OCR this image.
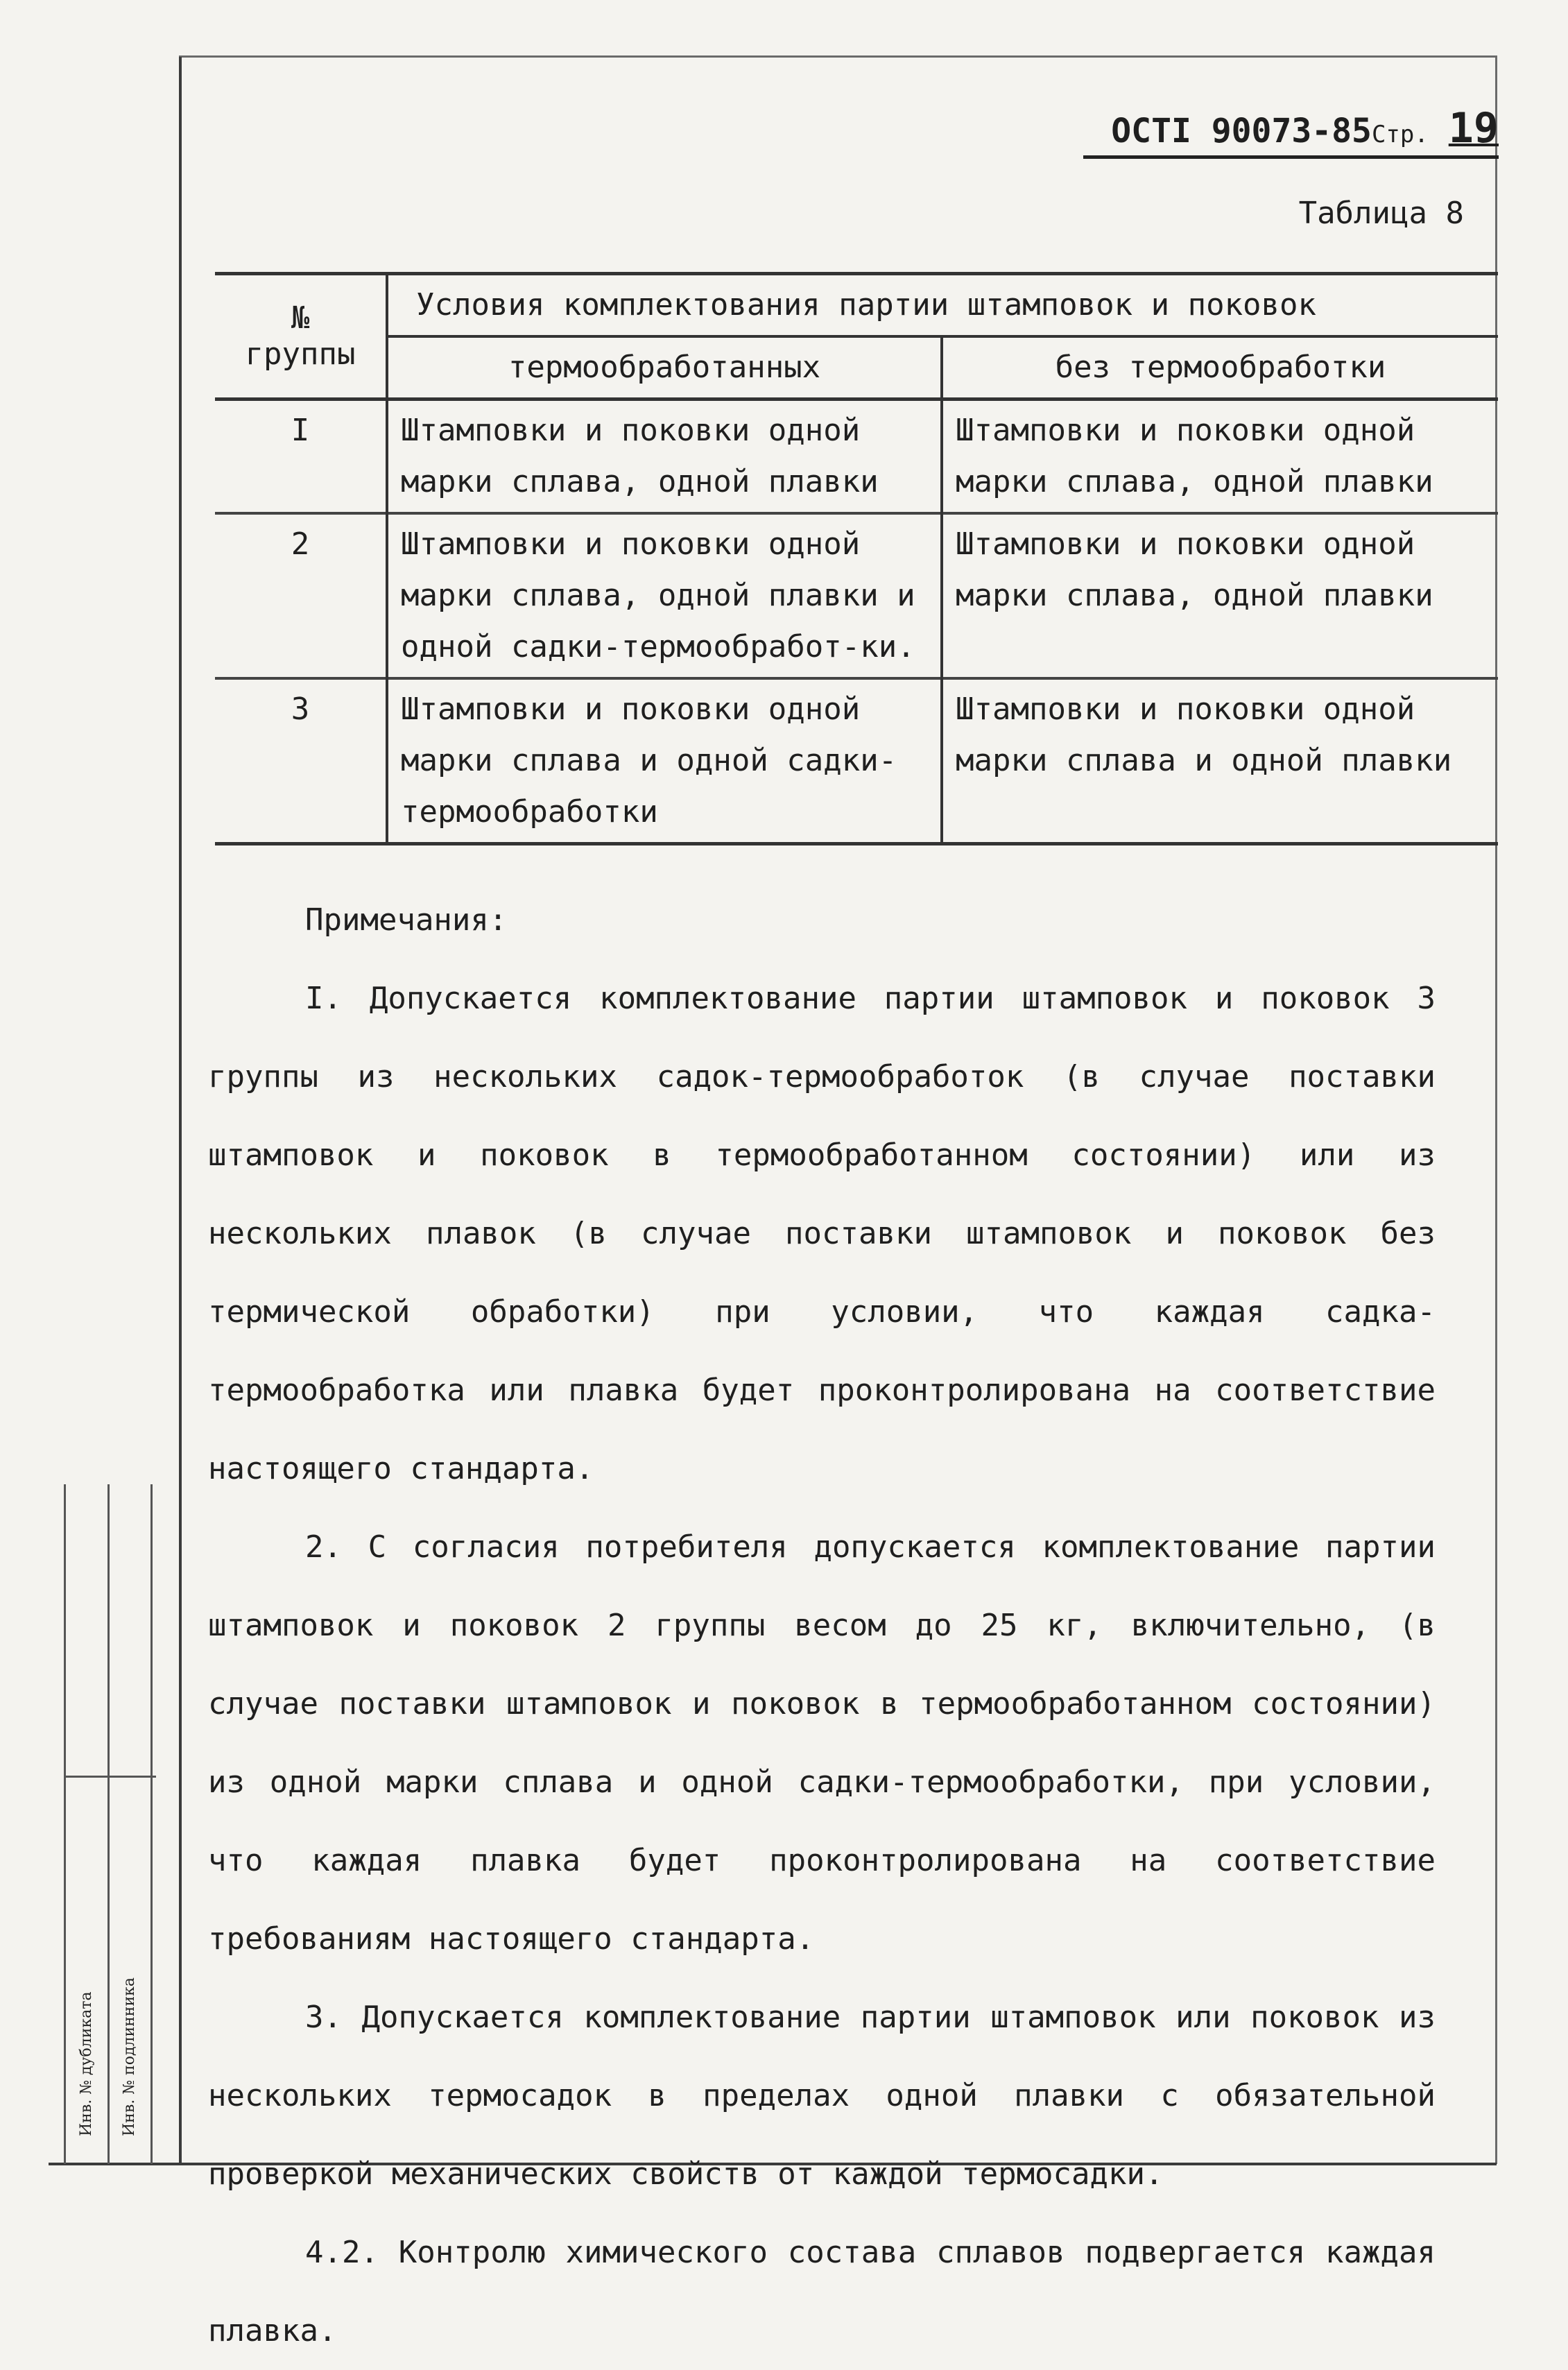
ОСТI 90073-85Стр. 19
Таблица 8
№
группы	Условия комплектования партии штамповок и поковок	
	термообработанных	без термообработки
I	Штамповки и поковки одной марки сплава, одной плавки	Штамповки и поковки одной марки сплава, одной плавки
2	Штамповки и поковки одной марки сплава, одной плавки и одной садки-термообработ-ки.	Штамповки и поковки одной марки сплава, одной плавки
3	Штамповки и поковки одной марки сплава и одной садки-термообработки	Штамповки и поковки одной марки сплава и одной плавки

Примечания:

I. Допускается комплектование партии штамповок и поковок 3 группы из нескольких садок-термообработок (в случае поставки штамповок и поковок в термообработанном состоянии) или из нескольких плавок (в случае поставки штамповок и поковок без термической обработки) при условии, что каждая садка-термообработка или плавка будет проконтролирована на соответствие настоящего стандарта.

2. С согласия потребителя допускается комплектование партии штамповок и поковок 2 группы весом до 25 кг, включительно, (в случае поставки штамповок и поковок в термообработанном состоянии) из одной марки сплава и одной садки-термообработки, при условии, что каждая плавка будет проконтролирована на соответствие требованиям настоящего стандарта.

3. Допускается комплектование партии штамповок или поковок из нескольких термосадок в пределах одной плавки с обязательной проверкой механических свойств от каждой термосадки.

4.2. Контролю химического состава сплавов подвергается каждая плавка.

Инв. № дубликата Инв. № подлинника
